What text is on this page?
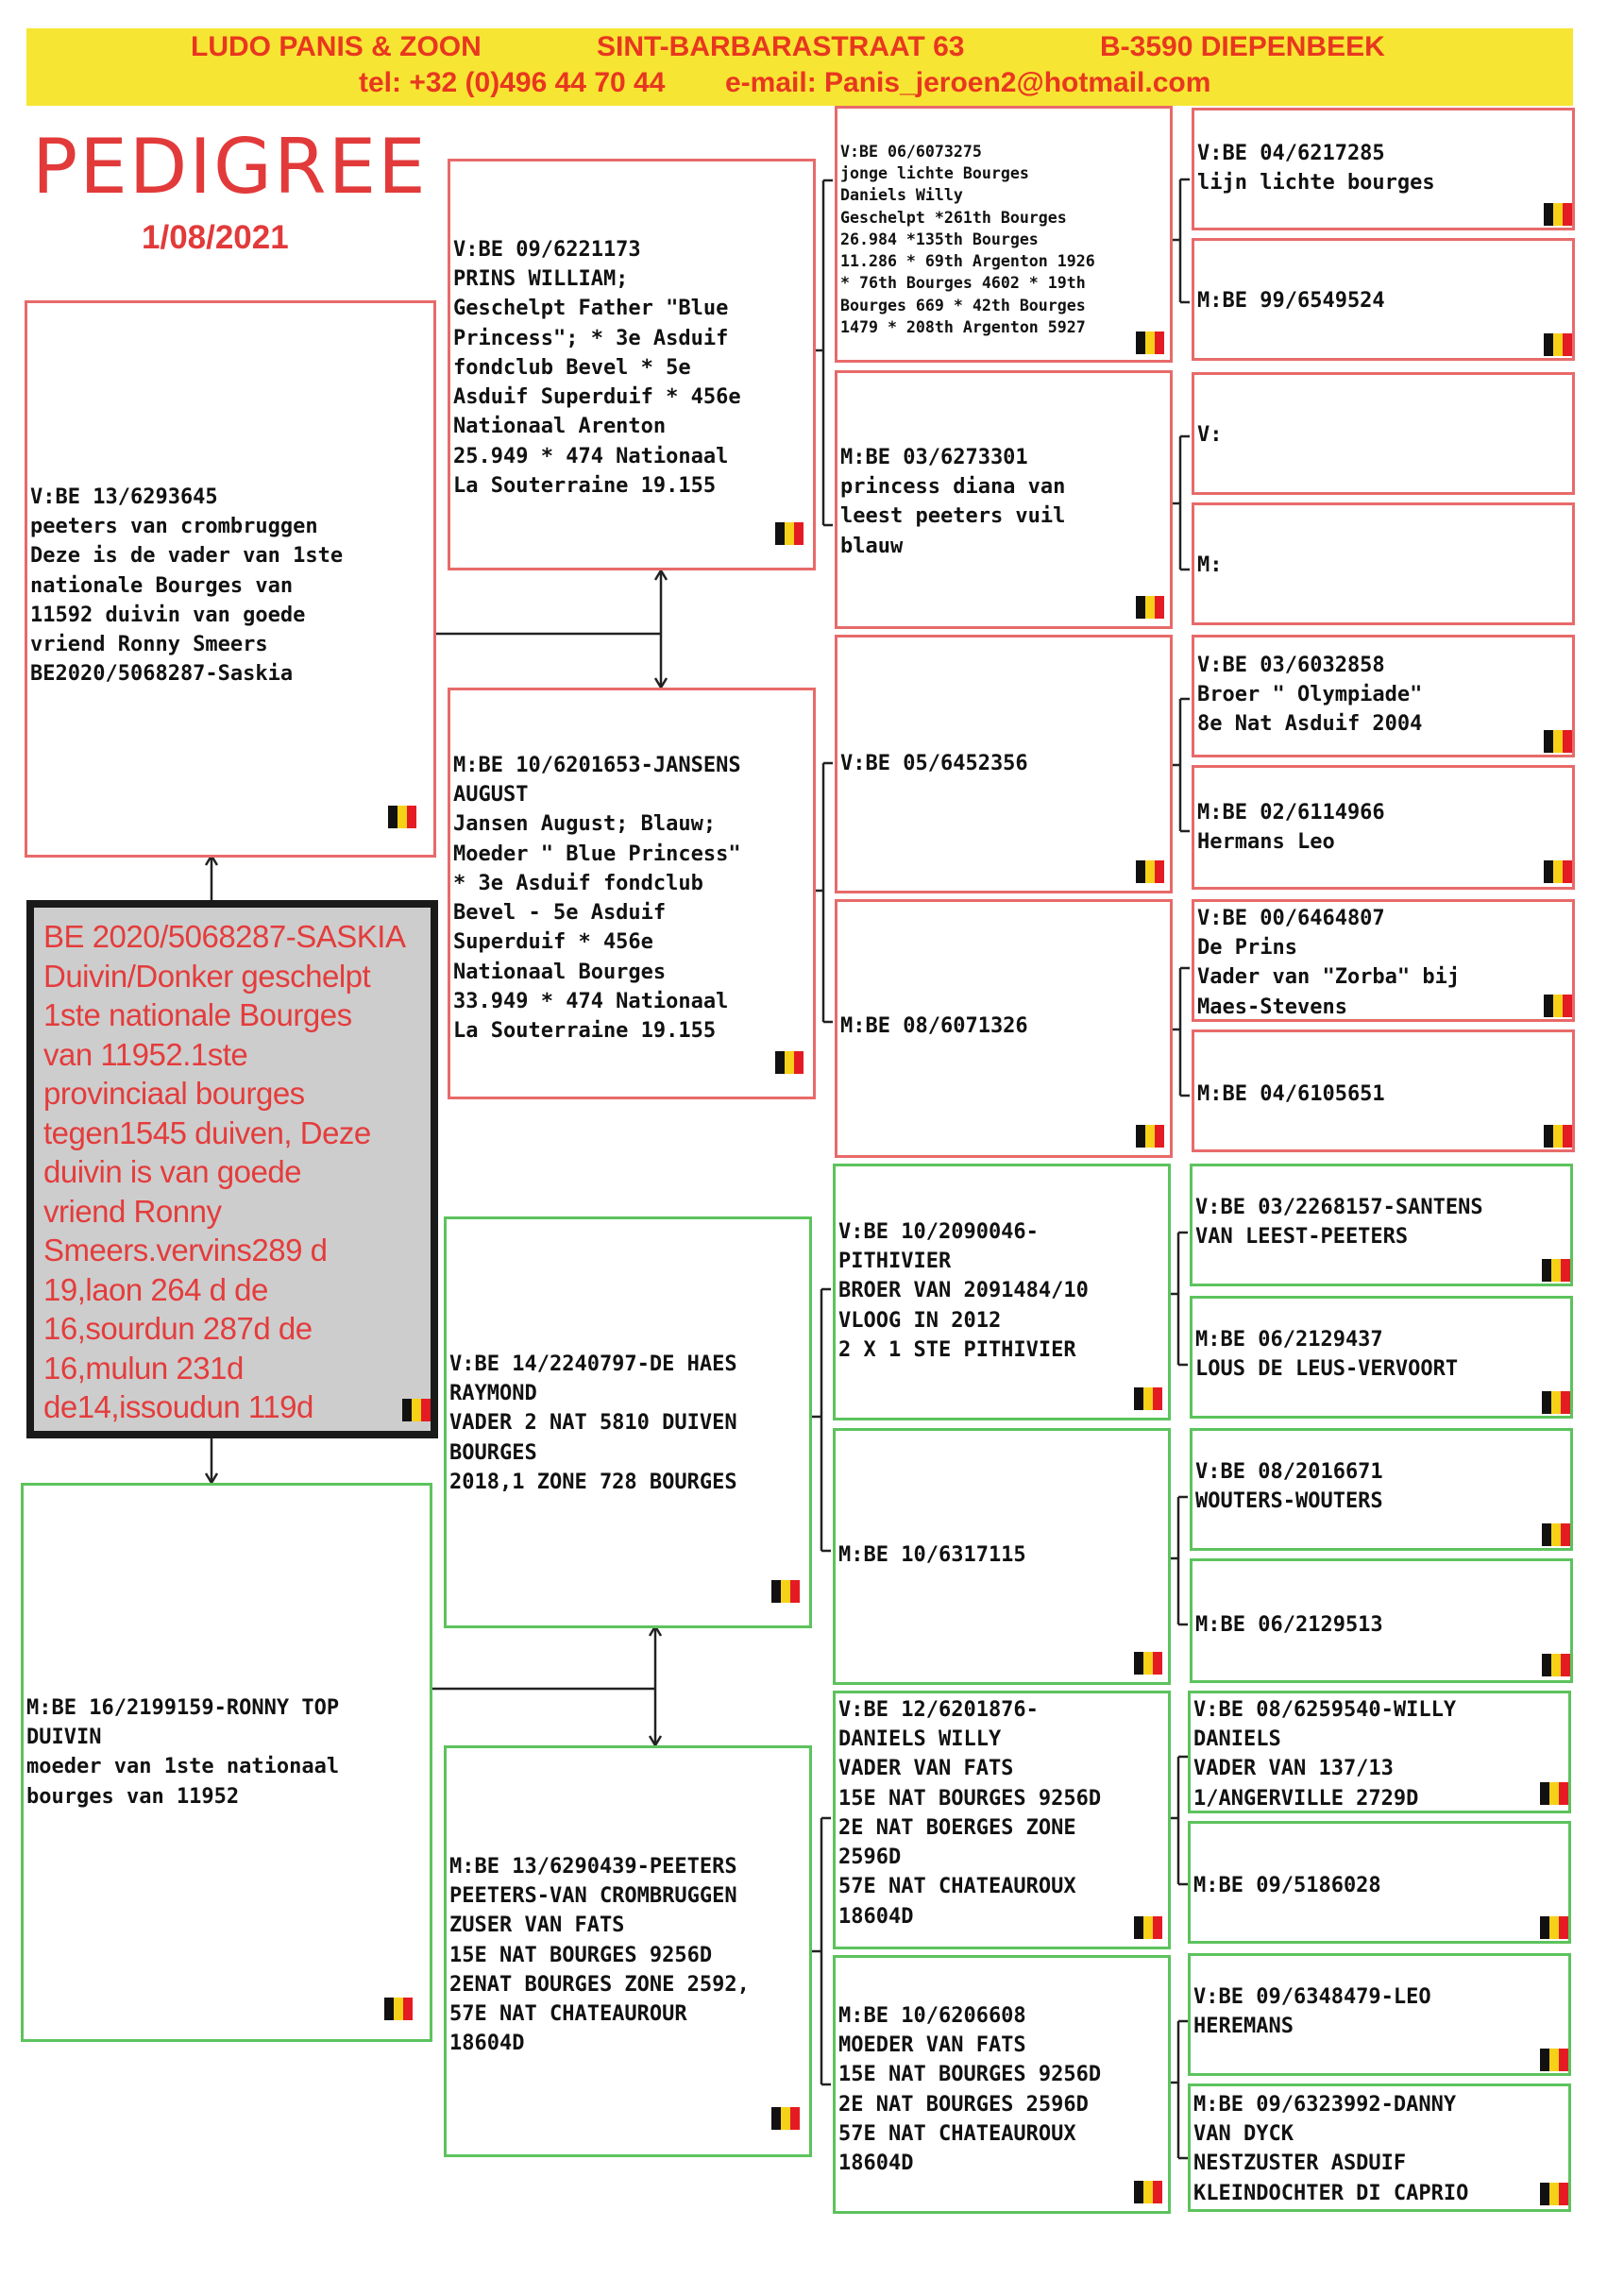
LUDO PANIS & ZOON	SINT-BARBARASTRAAT 63	B-3590 DIEPENBEEK
tel: +32 (0)496 44 70 44 e-mail: Panis_jeroen2@hotmail.com
PEDIGREE
1/08/2021
V:BE 13/6293645
peeters van crombruggen
Deze is de vader van 1ste
nationale Bourges van
11592 duivin van goede
vriend Ronny Smeers
BE2020/5068287-Saskia
BE 2020/5068287-SASKIA
Duivin/Donker geschelpt
1ste nationale Bourges
van 11952.1ste
provinciaal bourges
tegen1545 duiven, Deze
duivin is van goede
vriend Ronny
Smeers.vervins289 d
19,laon 264 d de
16,sourdun 287d de
16,mulun 231d
de14,issoudun 119d
M:BE 16/2199159-RONNY TOP
DUIVIN
moeder van 1ste nationaal
bourges van 11952
V:BE 09/6221173
PRINS WILLIAM;
Geschelpt Father "Blue
Princess"; * 3e Asduif
fondclub Bevel * 5e
Asduif Superduif * 456e
Nationaal Arenton
25.949 * 474 Nationaal
La Souterraine 19.155
M:BE 10/6201653-JANSENS
AUGUST
Jansen August; Blauw;
Moeder " Blue Princess"
* 3e Asduif fondclub
Bevel - 5e Asduif
Superduif * 456e
Nationaal Bourges
33.949 * 474 Nationaal
La Souterraine 19.155
V:BE 14/2240797-DE HAES
RAYMOND
VADER 2 NAT 5810 DUIVEN
BOURGES
2018,1 ZONE 728 BOURGES
M:BE 13/6290439-PEETERS
PEETERS-VAN CROMBRUGGEN
ZUSER VAN FATS
15E NAT BOURGES 9256D
2ENAT BOURGES ZONE 2592,
57E NAT CHATEAUROUR
18604D
V:BE 06/6073275
jonge lichte Bourges
Daniels Willy
Geschelpt *261th Bourges
26.984 *135th Bourges
11.286 * 69th Argenton 1926
* 76th Bourges 4602 * 19th
Bourges 669 * 42th Bourges
1479 * 208th Argenton 5927
M:BE 03/6273301
princess diana van
leest peeters vuil
blauw
V:BE 05/6452356
M:BE 08/6071326
V:BE 10/2090046-
PITHIVIER
BROER VAN 2091484/10
VLOOG IN 2012
2 X 1 STE PITHIVIER
M:BE 10/6317115
V:BE 12/6201876-
DANIELS WILLY
VADER VAN FATS
15E NAT BOURGES 9256D
2E NAT BOERGES ZONE
2596D
57E NAT CHATEAUROUX
18604D
M:BE 10/6206608
MOEDER VAN FATS
15E NAT BOURGES 9256D
2E NAT BOURGES 2596D
57E NAT CHATEAUROUX
18604D
V:BE 04/6217285
lijn lichte bourges
M:BE 99/6549524
V:
M:
V:BE 03/6032858
Broer " Olympiade"
8e Nat Asduif 2004
M:BE 02/6114966
Hermans Leo
V:BE 00/6464807
De Prins
Vader van "Zorba" bij
Maes-Stevens
M:BE 04/6105651
V:BE 03/2268157-SANTENS
VAN LEEST-PEETERS
M:BE 06/2129437
LOUS DE LEUS-VERVOORT
V:BE 08/2016671
WOUTERS-WOUTERS
M:BE 06/2129513
V:BE 08/6259540-WILLY
DANIELS
VADER VAN 137/13
1/ANGERVILLE 2729D
M:BE 09/5186028
V:BE 09/6348479-LEO
HEREMANS
M:BE 09/6323992-DANNY
VAN DYCK
NESTZUSTER ASDUIF
KLEINDOCHTER DI CAPRIO
